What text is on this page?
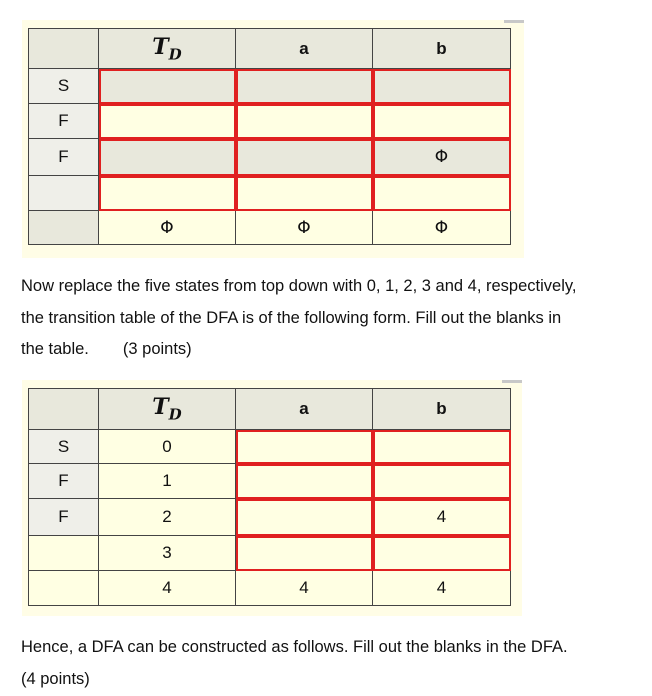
	$T_D$	a	b
S			
F			
F			Φ

	Φ	Φ	Φ
Now replace the five states from top down with 0, 1, 2, 3 and 4, respectively,
the transition table of the DFA is of the following form. Fill out the blanks in
the table. (3 points)
	$T_D$	a	b
S	0		
F	1		
F	2		4
	3		
	4	4	4
Hence, a DFA can be constructed as follows. Fill out the blanks in the DFA.
(4 points)
